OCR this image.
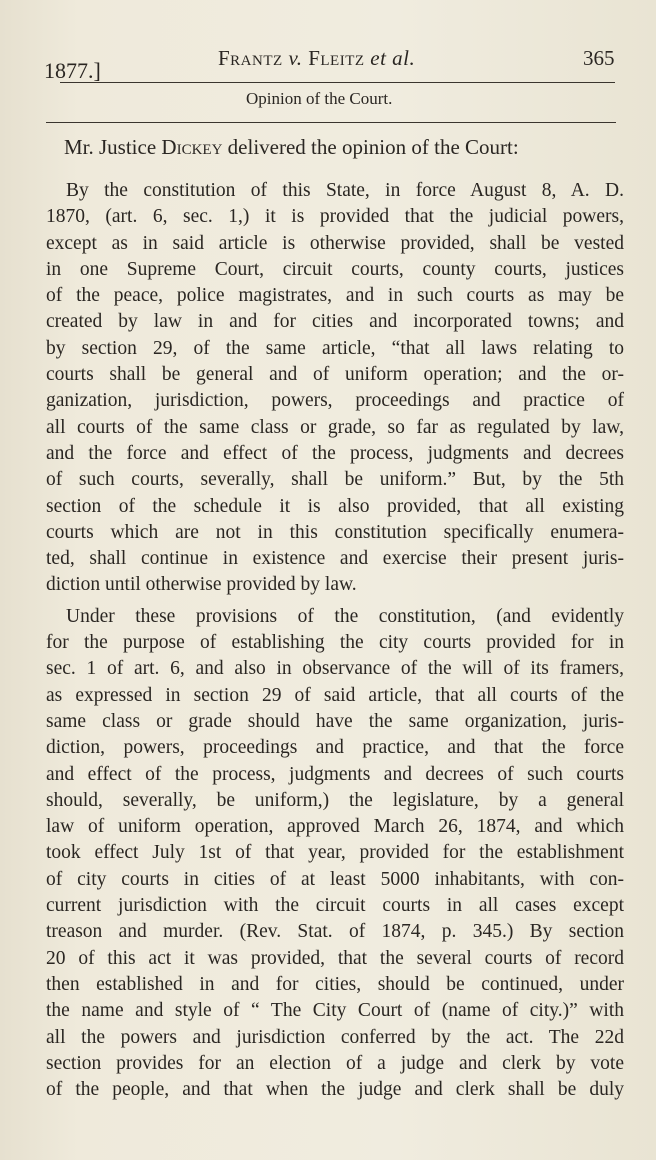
1877.]	Frantz v. Fleitz et al.	365
Opinion of the Court.
Mr. Justice Dickey delivered the opinion of the Court:
By the constitution of this State, in force August 8, A. D.
1870, (art. 6, sec. 1,) it is provided that the judicial powers,
except as in said article is otherwise provided, shall be vested
in one Supreme Court, circuit courts, county courts, justices
of the peace, police magistrates, and in such courts as may be
created by law in and for cities and incorporated towns; and
by section 29, of the same article, “that all laws relating to
courts shall be general and of uniform operation; and the or-
ganization, jurisdiction, powers, proceedings and practice of
all courts of the same class or grade, so far as regulated by law,
and the force and effect of the process, judgments and decrees
of such courts, severally, shall be uniform.” But, by the 5th
section of the schedule it is also provided, that all existing
courts which are not in this constitution specifically enumera-
ted, shall continue in existence and exercise their present juris-
diction until otherwise provided by law.
Under these provisions of the constitution, (and evidently
for the purpose of establishing the city courts provided for in
sec. 1 of art. 6, and also in observance of the will of its framers,
as expressed in section 29 of said article, that all courts of the
same class or grade should have the same organization, juris-
diction, powers, proceedings and practice, and that the force
and effect of the process, judgments and decrees of such courts
should, severally, be uniform,) the legislature, by a general
law of uniform operation, approved March 26, 1874, and which
took effect July 1st of that year, provided for the establishment
of city courts in cities of at least 5000 inhabitants, with con-
current jurisdiction with the circuit courts in all cases except
treason and murder. (Rev. Stat. of 1874, p. 345.) By section
20 of this act it was provided, that the several courts of record
then established in and for cities, should be continued, under
the name and style of “ The City Court of (name of city.)” with
all the powers and jurisdiction conferred by the act. The 22d
section provides for an election of a judge and clerk by vote
of the people, and that when the judge and clerk shall be duly
